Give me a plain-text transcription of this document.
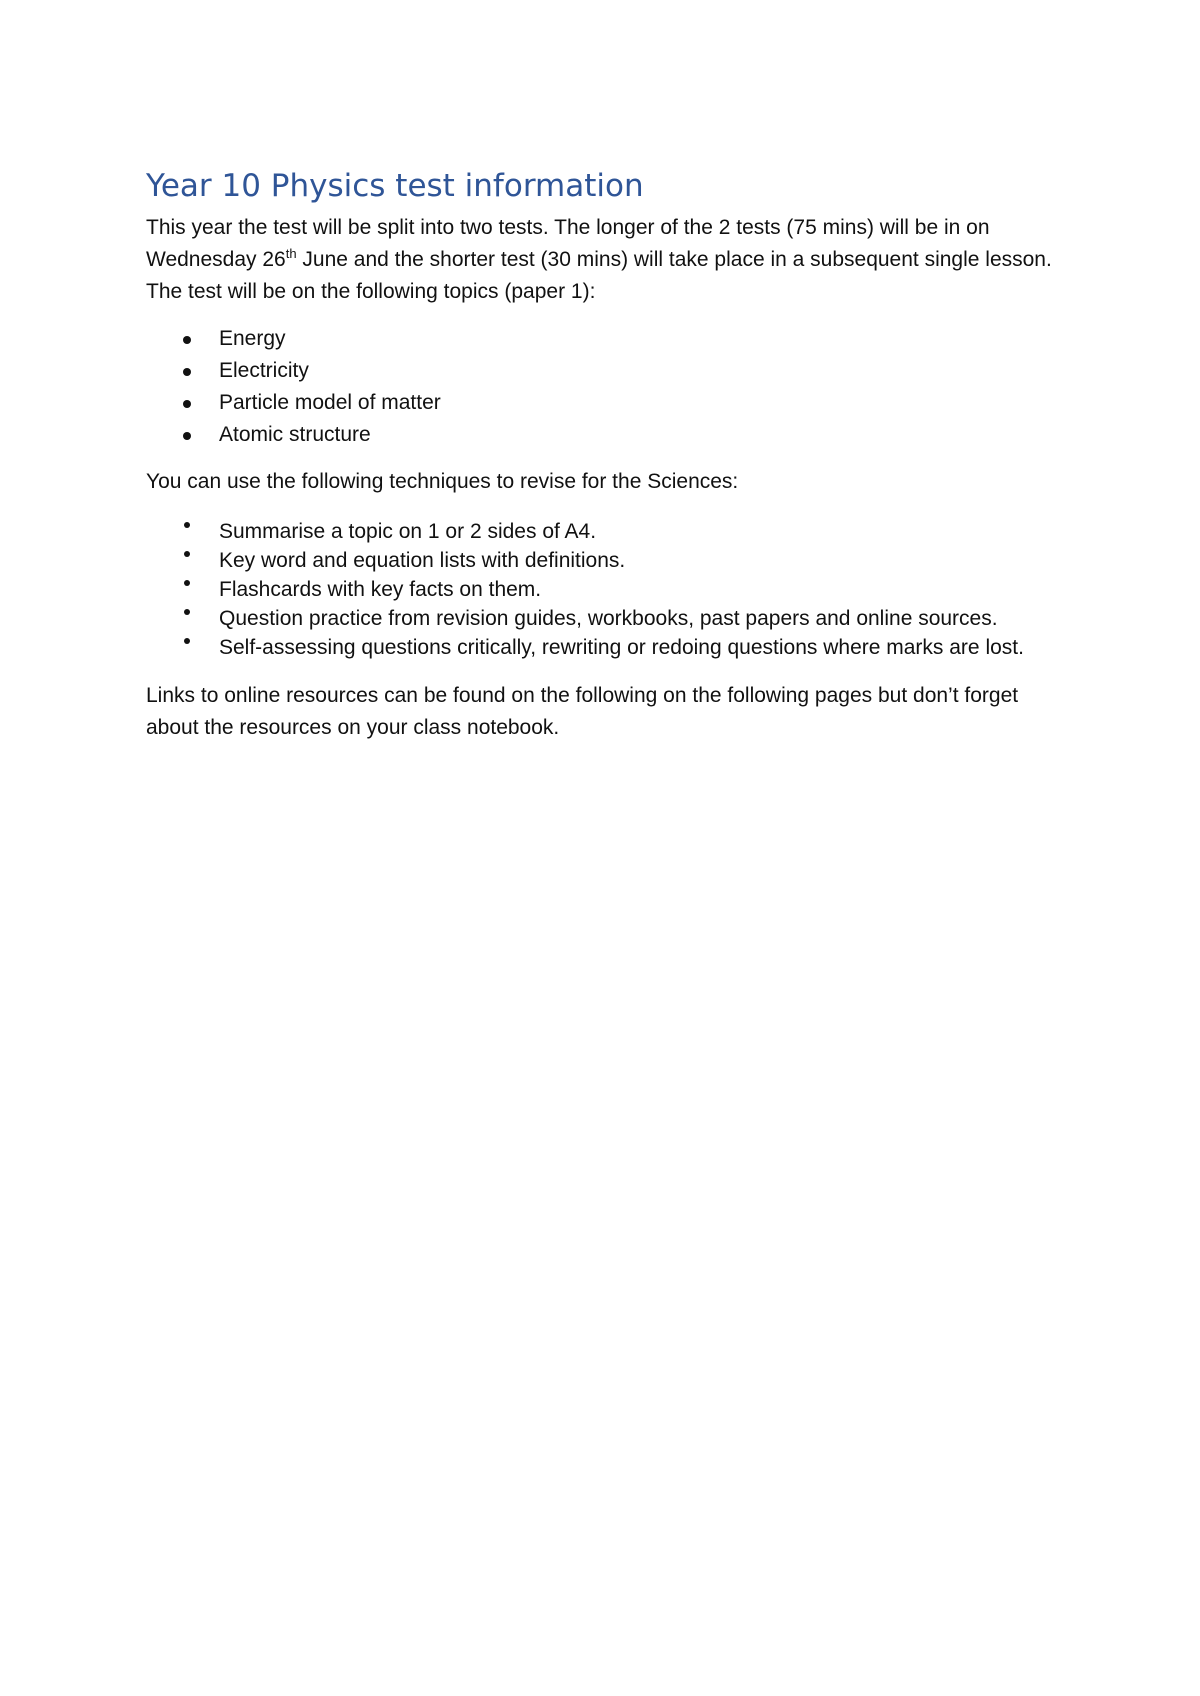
Year 10 Physics test information

This year the test will be split into two tests. The longer of the 2 tests (75 mins) will be in on Wednesday 26th June and the shorter test (30 mins) will take place in a subsequent single lesson. The test will be on the following topics (paper 1):

Energy
Electricity
Particle model of matter
Atomic structure

You can use the following techniques to revise for the Sciences:

Summarise a topic on 1 or 2 sides of A4.
Key word and equation lists with definitions.
Flashcards with key facts on them.
Question practice from revision guides, workbooks, past papers and online sources.
Self-assessing questions critically, rewriting or redoing questions where marks are lost.

Links to online resources can be found on the following on the following pages but don’t forget about the resources on your class notebook.
